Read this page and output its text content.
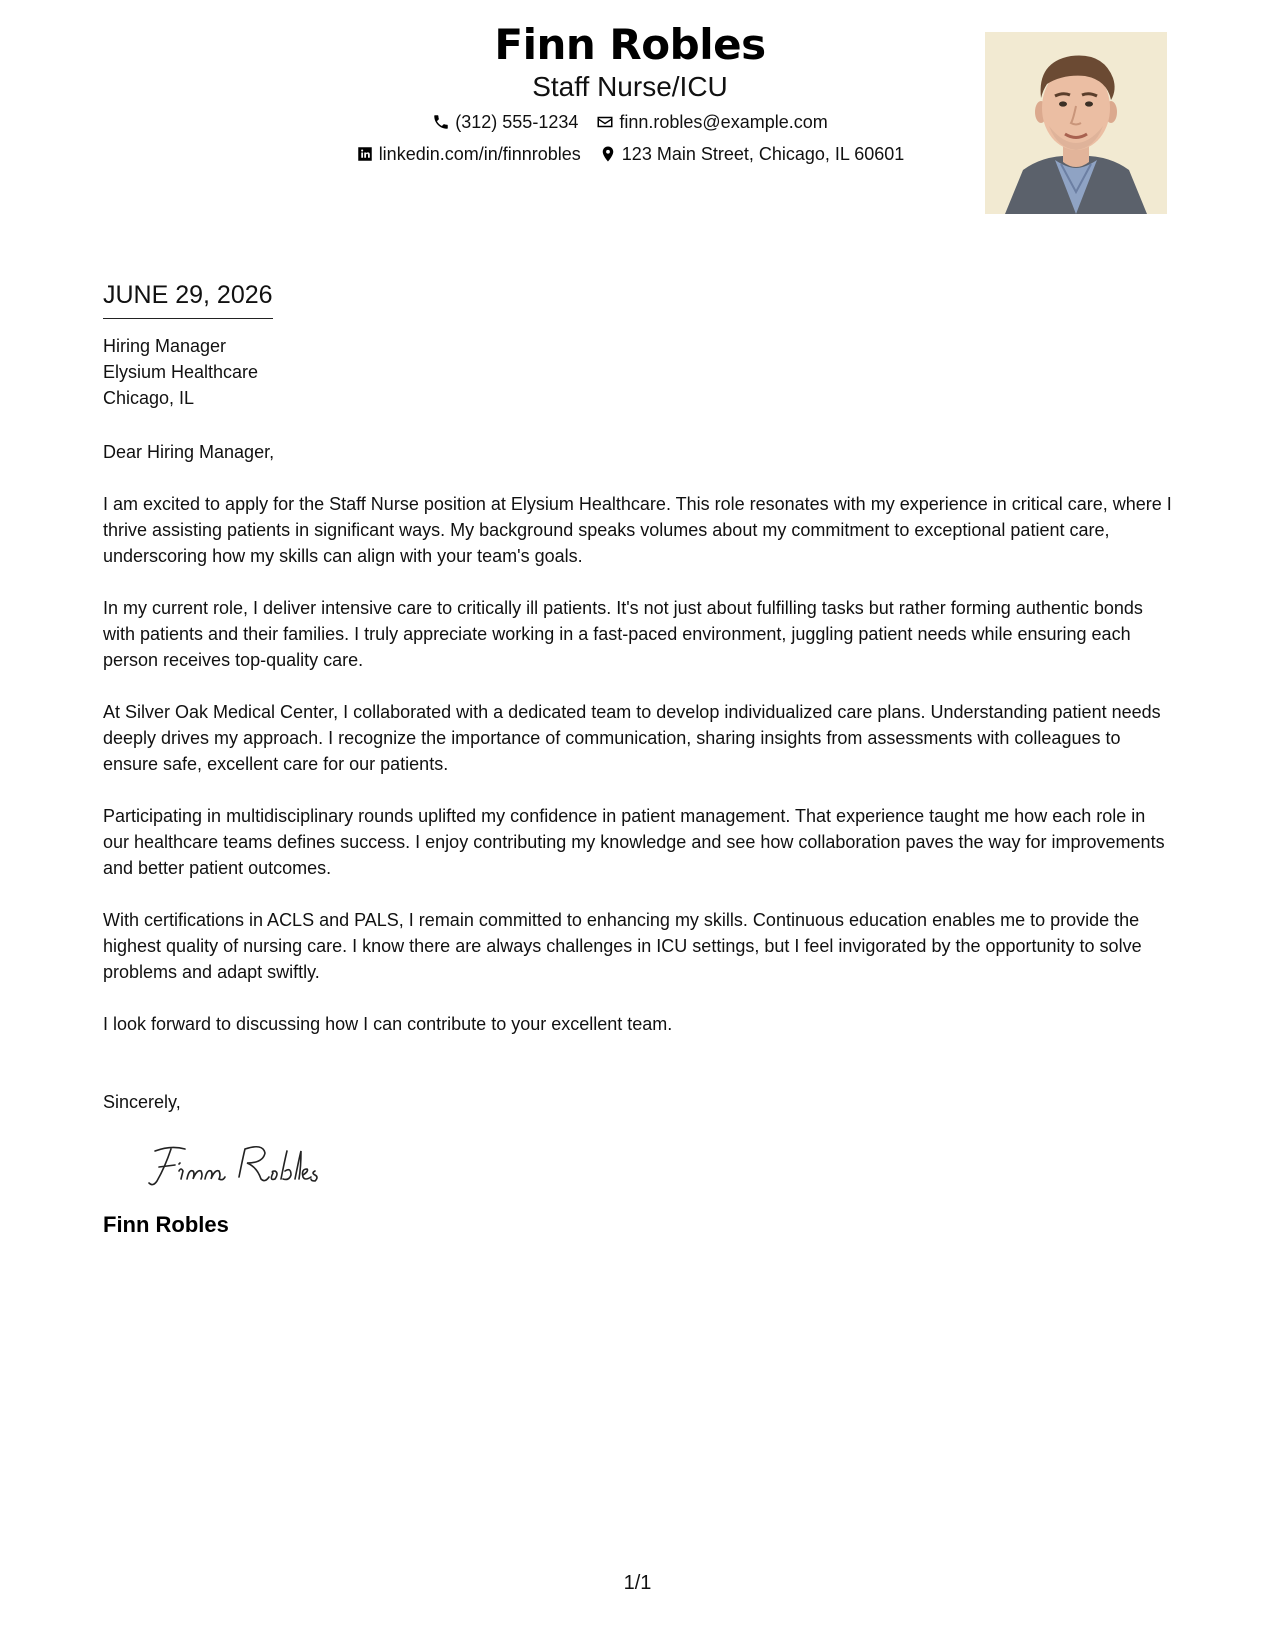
Finn Robles
Staff Nurse/ICU
(312) 555-1234 finn.robles@example.com
linkedin.com/in/finnrobles 123 Main Street, Chicago, IL 60601
JUNE 29, 2026
Hiring Manager
Elysium Healthcare
Chicago, IL
Dear Hiring Manager,
I am excited to apply for the Staff Nurse position at Elysium Healthcare. This role resonates with my experience in critical care, where I thrive assisting patients in significant ways. My background speaks volumes about my commitment to exceptional patient care, underscoring how my skills can align with your team's goals.
In my current role, I deliver intensive care to critically ill patients. It's not just about fulfilling tasks but rather forming authentic bonds with patients and their families. I truly appreciate working in a fast-paced environment, juggling patient needs while ensuring each person receives top-quality care.
At Silver Oak Medical Center, I collaborated with a dedicated team to develop individualized care plans. Understanding patient needs deeply drives my approach. I recognize the importance of communication, sharing insights from assessments with colleagues to ensure safe, excellent care for our patients.
Participating in multidisciplinary rounds uplifted my confidence in patient management. That experience taught me how each role in our healthcare teams defines success. I enjoy contributing my knowledge and see how collaboration paves the way for improvements and better patient outcomes.
With certifications in ACLS and PALS, I remain committed to enhancing my skills. Continuous education enables me to provide the highest quality of nursing care. I know there are always challenges in ICU settings, but I feel invigorated by the opportunity to solve problems and adapt swiftly.
I look forward to discussing how I can contribute to your excellent team.
Sincerely,
Finn Robles
1/1
